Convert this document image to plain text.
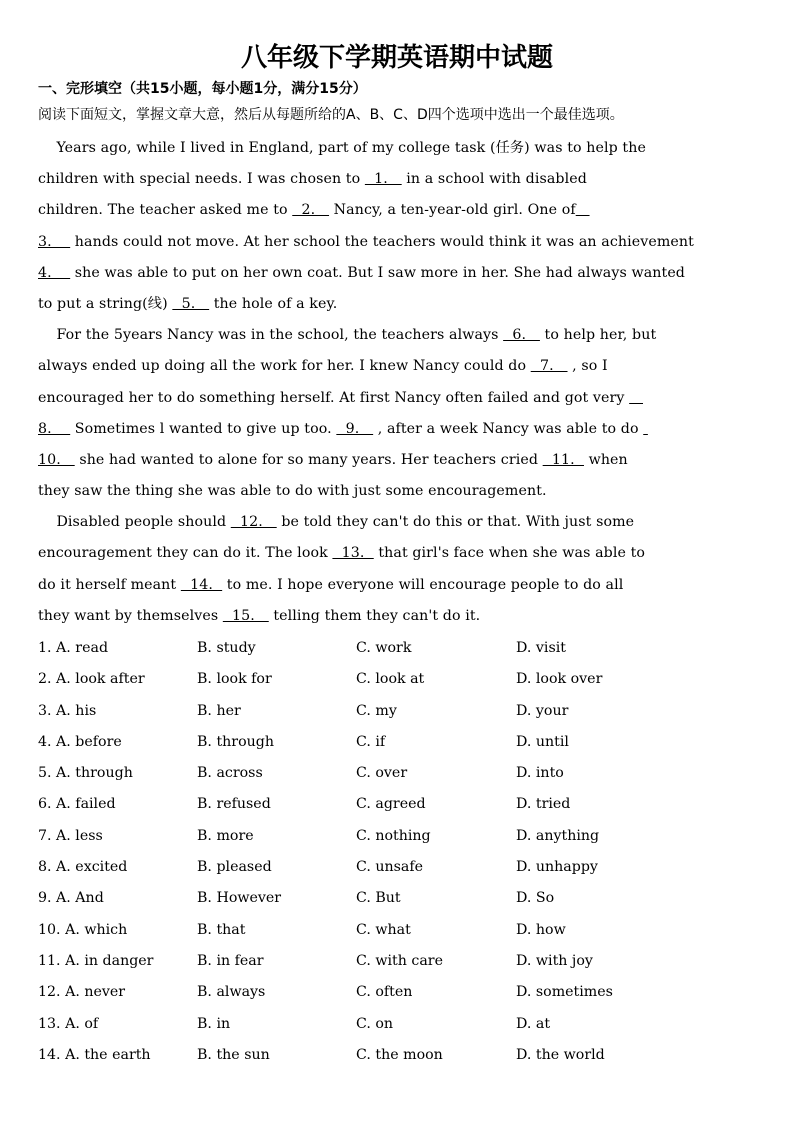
八年级下学期英语期中试题
一、完形填空（共15小题，每小题1分，满分15分）
阅读下面短文，掌握文章大意，然后从每题所给的A、B、C、D四个选项中选出一个最佳选项。
Years ago, while I lived in England, part of my college task (任务) was to help the
children with special needs. I was chosen to   1.    in a school with disabled
children. The teacher asked me to   2.    Nancy, a ten-year-old girl. One of
3.     hands could not move. At her school the teachers would think it was an achievement
4.     she was able to put on her own coat. But I saw more in her. She had always wanted
to put a string(线)   5.    the hole of a key.
For the 5years Nancy was in the school, the teachers always   6.    to help her, but
always ended up doing all the work for her. I knew Nancy could do   7.    , so I
encouraged her to do something herself. At first Nancy often failed and got very
8.     Sometimes l wanted to give up too.   9.    , after a week Nancy was able to do
10.    she had wanted to alone for so many years. Her teachers cried   11.   when
they saw the thing she was able to do with just some encouragement.
Disabled people should   12.    be told they can't do this or that. With just some
encouragement they can do it. The look   13.   that girl's face when she was able to
do it herself meant   14.   to me. I hope everyone will encourage people to do all
they want by themselves   15.    telling them they can't do it.
1. A. read	B. study	C. work	D. visit
2. A. look after	B. look for	C. look at	D. look over
3. A. his	B. her	C. my	D. your
4. A. before	B. through	C. if	D. until
5. A. through	B. across	C. over	D. into
6. A. failed	B. refused	C. agreed	D. tried
7. A. less	B. more	C. nothing	D. anything
8. A. excited	B. pleased	C. unsafe	D. unhappy
9. A. And	B. However	C. But	D. So
10. A. which	B. that	C. what	D. how
11. A. in danger	B. in fear	C. with care	D. with joy
12. A. never	B. always	C. often	D. sometimes
13. A. of	B. in	C. on	D. at
14. A. the earth	B. the sun	C. the moon	D. the world
